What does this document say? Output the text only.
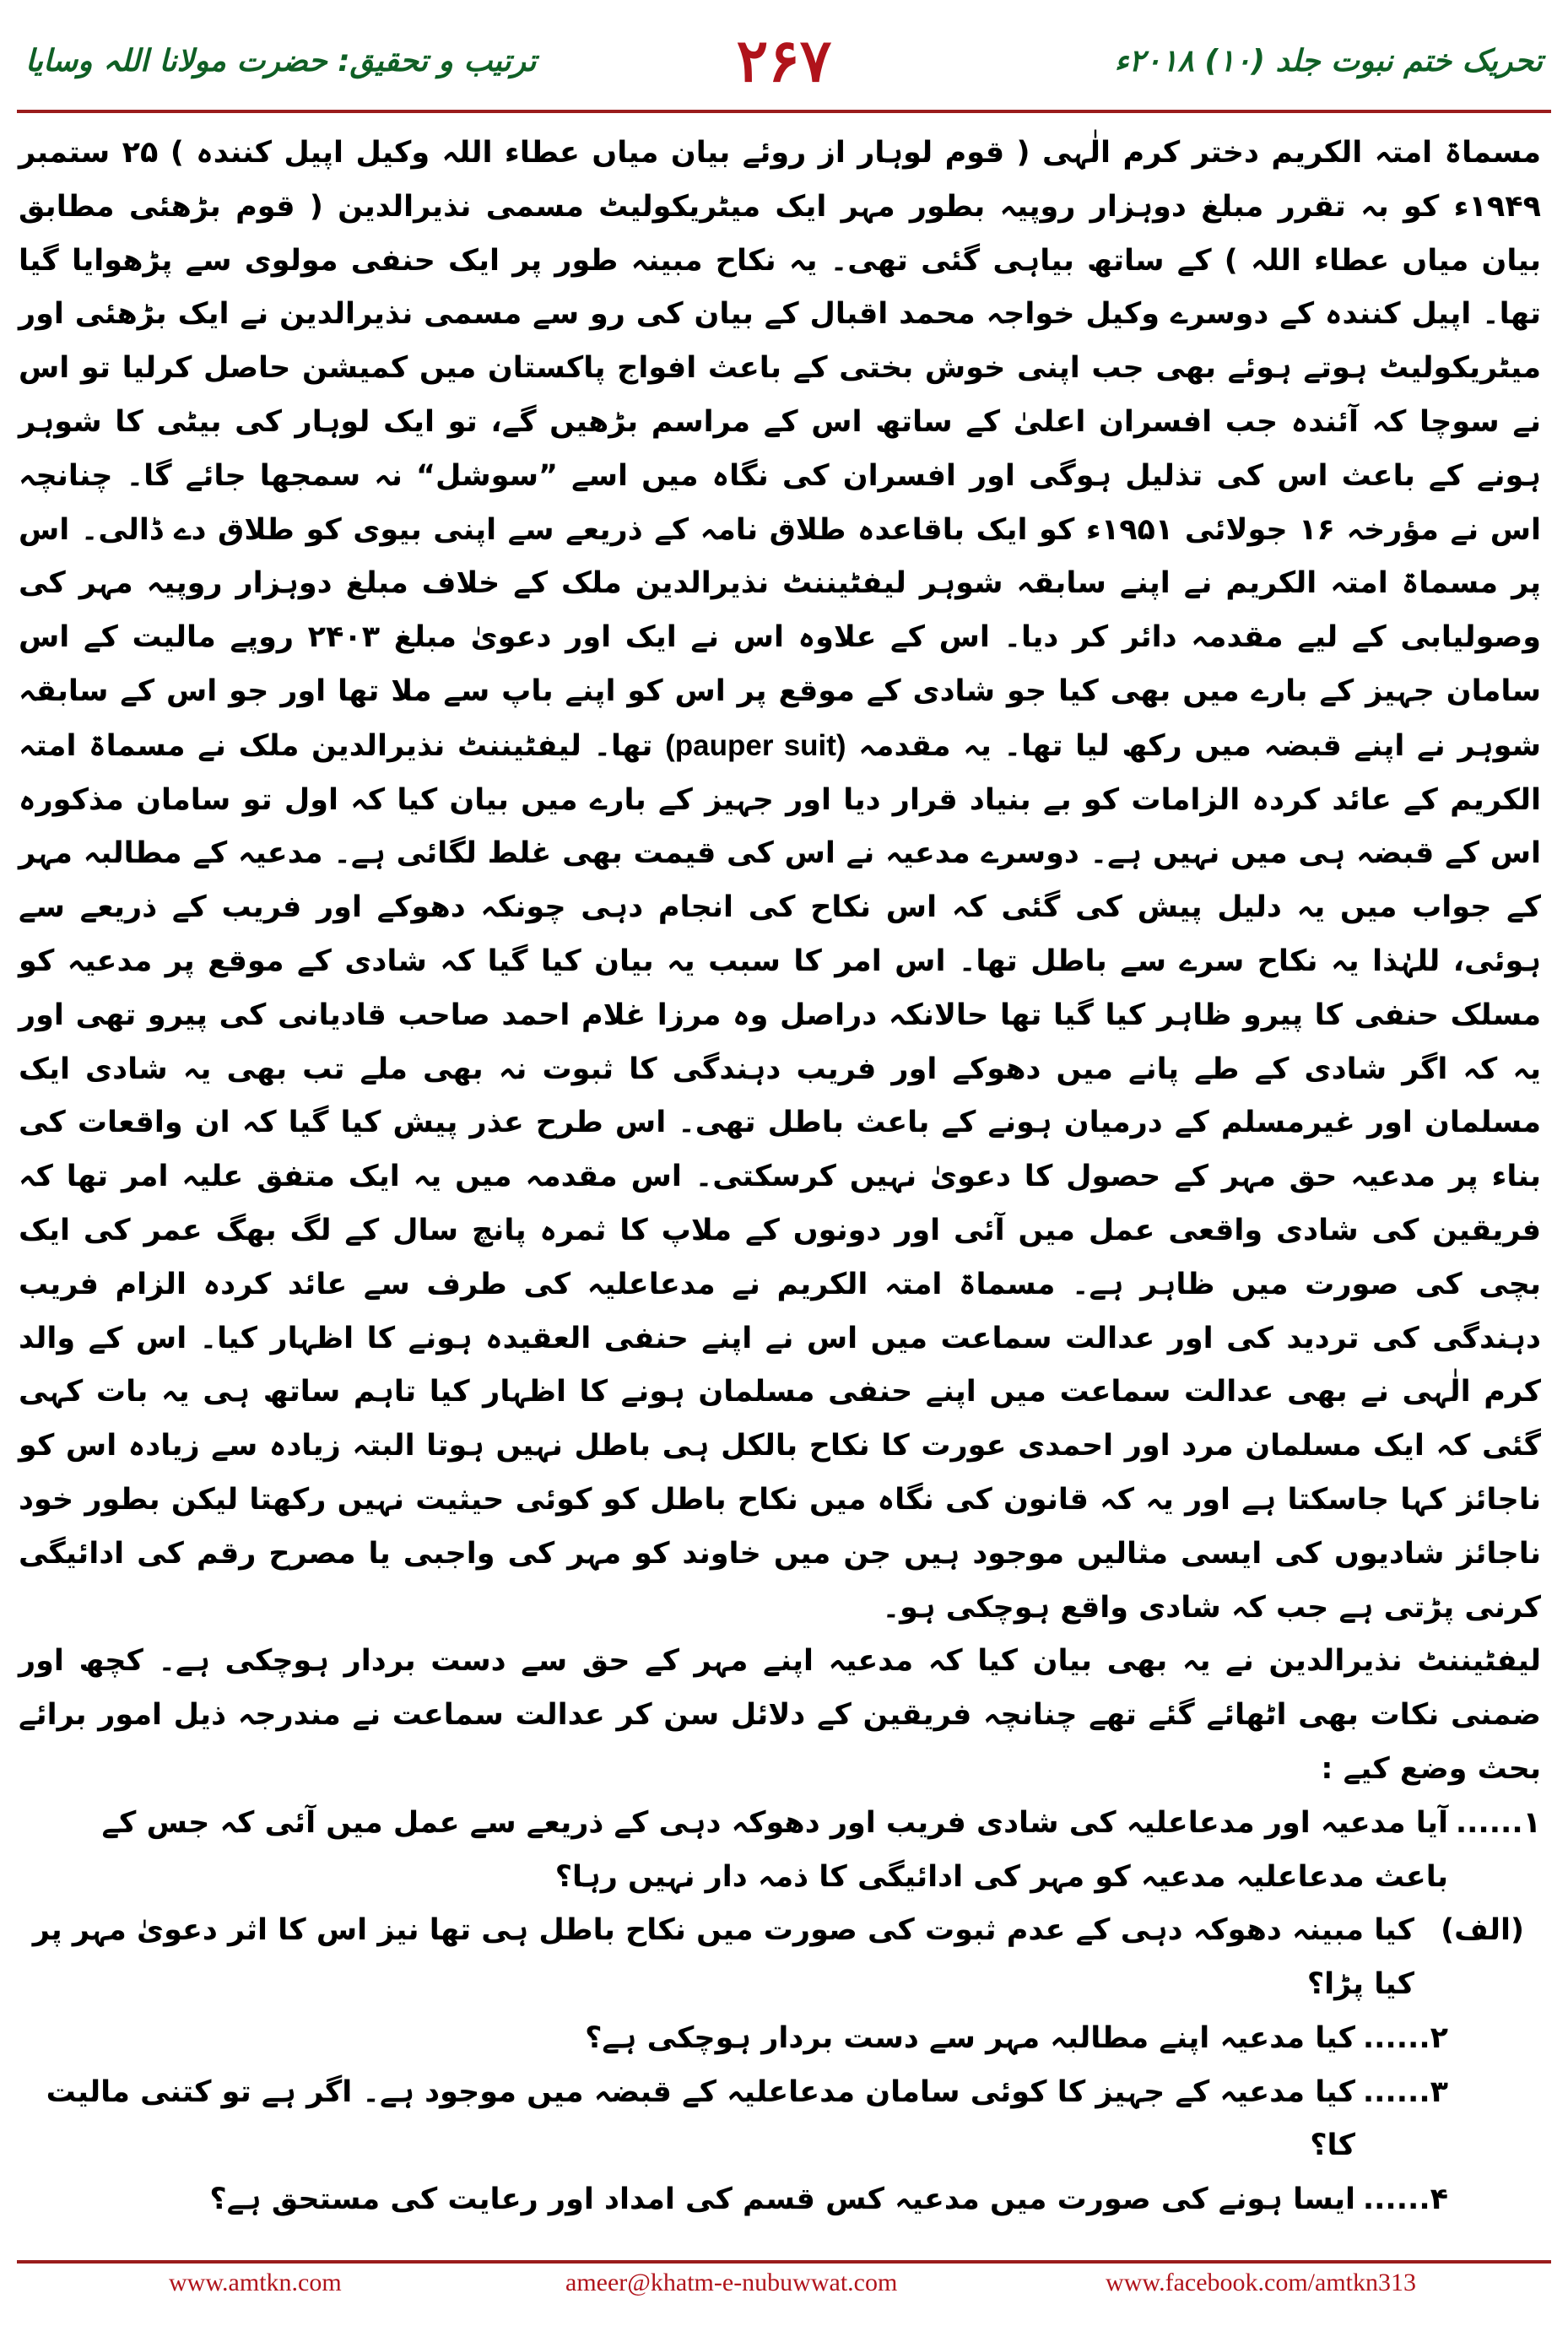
تحریک ختم نبوت جلد (۱۰) ۲۰۱۸ء
۲۶۷
ترتیب و تحقیق: حضرت مولانا اللہ وسایا

مسماۃ امتہ الکریم دختر کرم الٰہی ( قوم لوہار از روئے بیان میاں عطاء اللہ وکیل اپیل کنندہ ) ۲۵ ستمبر ۱۹۴۹ء کو بہ تقرر مبلغ دوہزار روپیہ بطور مہر ایک میٹریکولیٹ مسمی نذیرالدین ( قوم بڑھئی مطابق بیان میاں عطاء اللہ ) کے ساتھ بیاہی گئی تھی۔ یہ نکاح مبینہ طور پر ایک حنفی مولوی سے پڑھوایا گیا تھا۔ اپیل کنندہ کے دوسرے وکیل خواجہ محمد اقبال کے بیان کی رو سے مسمی نذیرالدین نے ایک بڑھئی اور میٹریکولیٹ ہوتے ہوئے بھی جب اپنی خوش بختی کے باعث افواج پاکستان میں کمیشن حاصل کرلیا تو اس نے سوچا کہ آئندہ جب افسران اعلیٰ کے ساتھ اس کے مراسم بڑھیں گے، تو ایک لوہار کی بیٹی کا شوہر ہونے کے باعث اس کی تذلیل ہوگی اور افسران کی نگاہ میں اسے ”سوشل“ نہ سمجھا جائے گا۔ چنانچہ اس نے مؤرخہ ۱۶ جولائی ۱۹۵۱ء کو ایک باقاعدہ طلاق نامہ کے ذریعے سے اپنی بیوی کو طلاق دے ڈالی۔ اس پر مسماۃ امتہ الکریم نے اپنے سابقہ شوہر لیفٹیننٹ نذیرالدین ملک کے خلاف مبلغ دوہزار روپیہ مہر کی وصولیابی کے لیے مقدمہ دائر کر دیا۔ اس کے علاوہ اس نے ایک اور دعویٰ مبلغ ۲۴۰۳ روپے مالیت کے اس سامان جہیز کے بارے میں بھی کیا جو شادی کے موقع پر اس کو اپنے باپ سے ملا تھا اور جو اس کے سابقہ شوہر نے اپنے قبضہ میں رکھ لیا تھا۔ یہ مقدمہ (pauper suit) تھا۔ لیفٹیننٹ نذیرالدین ملک نے مسماۃ امتہ الکریم کے عائد کردہ الزامات کو بے بنیاد قرار دیا اور جہیز کے بارے میں بیان کیا کہ اول تو سامان مذکورہ اس کے قبضہ ہی میں نہیں ہے۔ دوسرے مدعیہ نے اس کی قیمت بھی غلط لگائی ہے۔ مدعیہ کے مطالبہ مہر کے جواب میں یہ دلیل پیش کی گئی کہ اس نکاح کی انجام دہی چونکہ دھوکے اور فریب کے ذریعے سے ہوئی، للہٰذا یہ نکاح سرے سے باطل تھا۔ اس امر کا سبب یہ بیان کیا گیا کہ شادی کے موقع پر مدعیہ کو مسلک حنفی کا پیرو ظاہر کیا گیا تھا حالانکہ دراصل وہ مرزا غلام احمد صاحب قادیانی کی پیرو تھی اور یہ کہ اگر شادی کے طے پانے میں دھوکے اور فریب دہندگی کا ثبوت نہ بھی ملے تب بھی یہ شادی ایک مسلمان اور غیرمسلم کے درمیان ہونے کے باعث باطل تھی۔ اس طرح عذر پیش کیا گیا کہ ان واقعات کی بناء پر مدعیہ حق مہر کے حصول کا دعویٰ نہیں کرسکتی۔ اس مقدمہ میں یہ ایک متفق علیہ امر تھا کہ فریقین کی شادی واقعی عمل میں آئی اور دونوں کے ملاپ کا ثمرہ پانچ سال کے لگ بھگ عمر کی ایک بچی کی صورت میں ظاہر ہے۔ مسماۃ امتہ الکریم نے مدعاعلیہ کی طرف سے عائد کردہ الزام فریب دہندگی کی تردید کی اور عدالت سماعت میں اس نے اپنے حنفی العقیدہ ہونے کا اظہار کیا۔ اس کے والد کرم الٰہی نے بھی عدالت سماعت میں اپنے حنفی مسلمان ہونے کا اظہار کیا تاہم ساتھ ہی یہ بات کہی گئی کہ ایک مسلمان مرد اور احمدی عورت کا نکاح بالکل ہی باطل نہیں ہوتا البتہ زیادہ سے زیادہ اس کو ناجائز کہا جاسکتا ہے اور یہ کہ قانون کی نگاہ میں نکاح باطل کو کوئی حیثیت نہیں رکھتا لیکن بطور خود ناجائز شادیوں کی ایسی مثالیں موجود ہیں جن میں خاوند کو مہر کی واجبی یا مصرح رقم کی ادائیگی کرنی پڑتی ہے جب کہ شادی واقع ہوچکی ہو۔

لیفٹیننٹ نذیرالدین نے یہ بھی بیان کیا کہ مدعیہ اپنے مہر کے حق سے دست بردار ہوچکی ہے۔ کچھ اور ضمنی نکات بھی اٹھائے گئے تھے چنانچہ فریقین کے دلائل سن کر عدالت سماعت نے مندرجہ ذیل امور برائے بحث وضع کیے :

۱......
آیا مدعیہ اور مدعاعلیہ کی شادی فریب اور دھوکہ دہی کے ذریعے سے عمل میں آئی کہ جس کے باعث مدعاعلیہ مدعیہ کو مہر کی ادائیگی کا ذمہ دار نہیں رہا؟
(الف)
کیا مبینہ دھوکہ دہی کے عدم ثبوت کی صورت میں نکاح باطل ہی تھا نیز اس کا اثر دعویٰ مہر پر کیا پڑا؟
۲......
کیا مدعیہ اپنے مطالبہ مہر سے دست بردار ہوچکی ہے؟
۳......
کیا مدعیہ کے جہیز کا کوئی سامان مدعاعلیہ کے قبضہ میں موجود ہے۔ اگر ہے تو کتنی مالیت کا؟
۴......
ایسا ہونے کی صورت میں مدعیہ کس قسم کی امداد اور رعایت کی مستحق ہے؟
www.amtkn.com	ameer@khatm-e-nubuwwat.com	www.facebook.com/amtkn313
